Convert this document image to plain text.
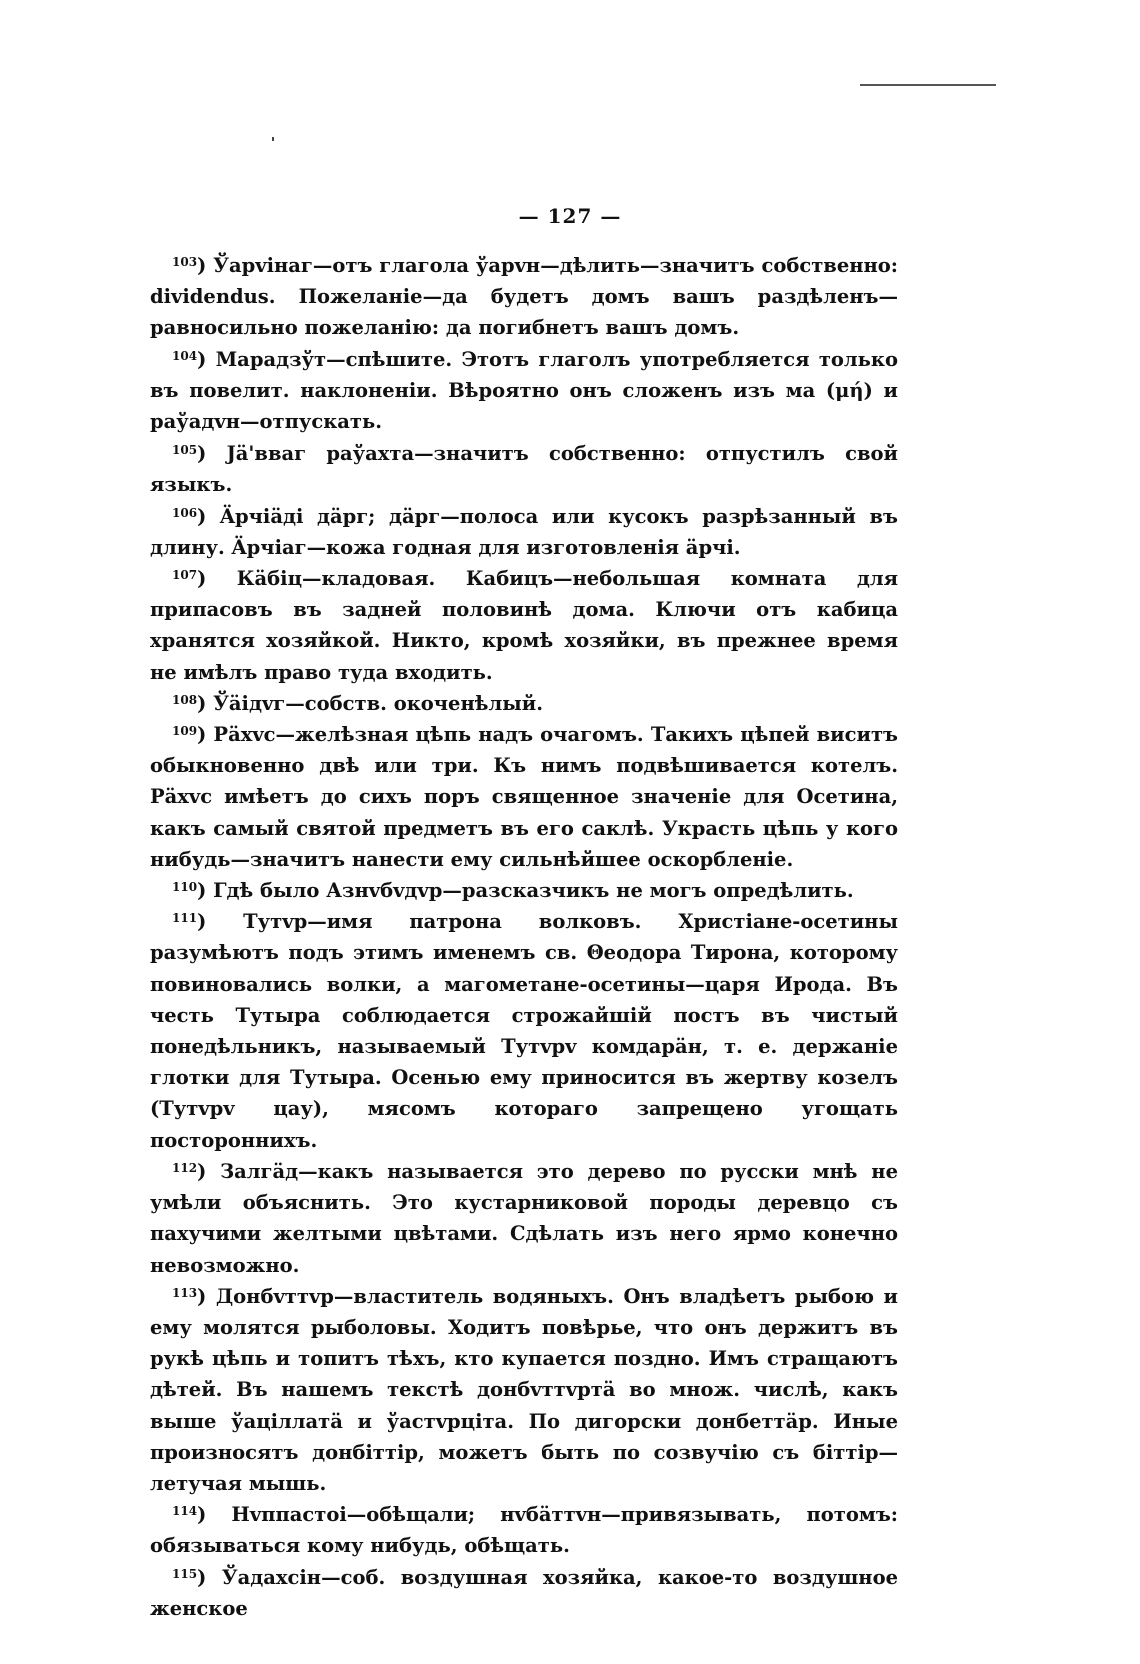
— 127 —

$^{103}$) Ўарvінаг—отъ глагола ўарvн—дѣлить—значитъ собственно: dividendus. Пожеланіе—да будетъ домъ вашъ раздѣленъ—равносильно пожеланію: да погибнетъ вашъ домъ.

$^{104}$) Марадзўт—спѣшите. Этотъ глаголъ употребляется только въ повелит. наклоненіи. Вѣроятно онъ сложенъ изъ ма (μή) и раўадvн—отпускать.

$^{105}$) Jä'вваг раўахта—значитъ собственно: отпустилъ свой языкъ.

$^{106}$) Äрчіäдi дäрг; дäрг—полоса или кусокъ разрѣзанный въ длину. Äрчіаг—кожа годная для изготовленія äрчі.

$^{107}$) Кäбіц—кладовая. Кабицъ—небольшая комната для припасовъ въ задней половинѣ дома. Ключи отъ кабица хранятся хозяйкой. Никто, кромѣ хозяйки, въ прежнее время не имѣлъ право туда входить.

$^{108}$) Ўäідvг—собств. окоченѣлый.

$^{109}$) Рäхvс—желѣзная цѣпь надъ очагомъ. Такихъ цѣпей виситъ обыкновенно двѣ или три. Къ нимъ подвѣшивается котелъ. Рäхvс имѣетъ до сихъ поръ священное значеніе для Осетина, какъ самый святой предметъ въ его саклѣ. Украсть цѣпь у кого нибудь—значитъ нанести ему сильнѣйшее оскорбленіе.

$^{110}$) Гдѣ было Азнvбvдvр—разсказчикъ не могъ опредѣлить.

$^{111}$) Тутvр—имя патрона волковъ. Христіане-осетины разумѣютъ подъ этимъ именемъ св. Θеодора Тирона, которому повиновались волки, а магометане-осетины—царя Ирода. Въ честь Тутыра соблюдается строжайшій постъ въ чистый понедѣльникъ, называемый Тутvрv комдарäн, т. е. держаніе глотки для Тутыра. Осенью ему приносится въ жертву козелъ (Тутvрv цау), мясомъ котораго запрещено угощать постороннихъ.

$^{112}$) Залгäд—какъ называется это дерево по русски мнѣ не умѣли объяснить. Это кустарниковой породы деревцо съ пахучими желтыми цвѣтами. Сдѣлать изъ него ярмо конечно невозможно.

$^{113}$) Донбvттvр—властитель водяныхъ. Онъ владѣетъ рыбою и ему молятся рыболовы. Ходитъ повѣрье, что онъ держитъ въ рукѣ цѣпь и топитъ тѣхъ, кто купается поздно. Имъ стращаютъ дѣтей. Въ нашемъ текстѣ донбvттvртä во множ. числѣ, какъ выше ўаціллатä и ўастvрціта. По дигорски донбеттäр. Иные произносятъ донбіттір, можетъ быть по созвучію съ біттір—летучая мышь.

$^{114}$) Нvппастоі—обѣщали; нvбäттvн—привязывать, потомъ: обязываться кому нибудь, обѣщать.

$^{115}$) Ўадахсін—соб. воздушная хозяйка, какое-то воздушное женское
